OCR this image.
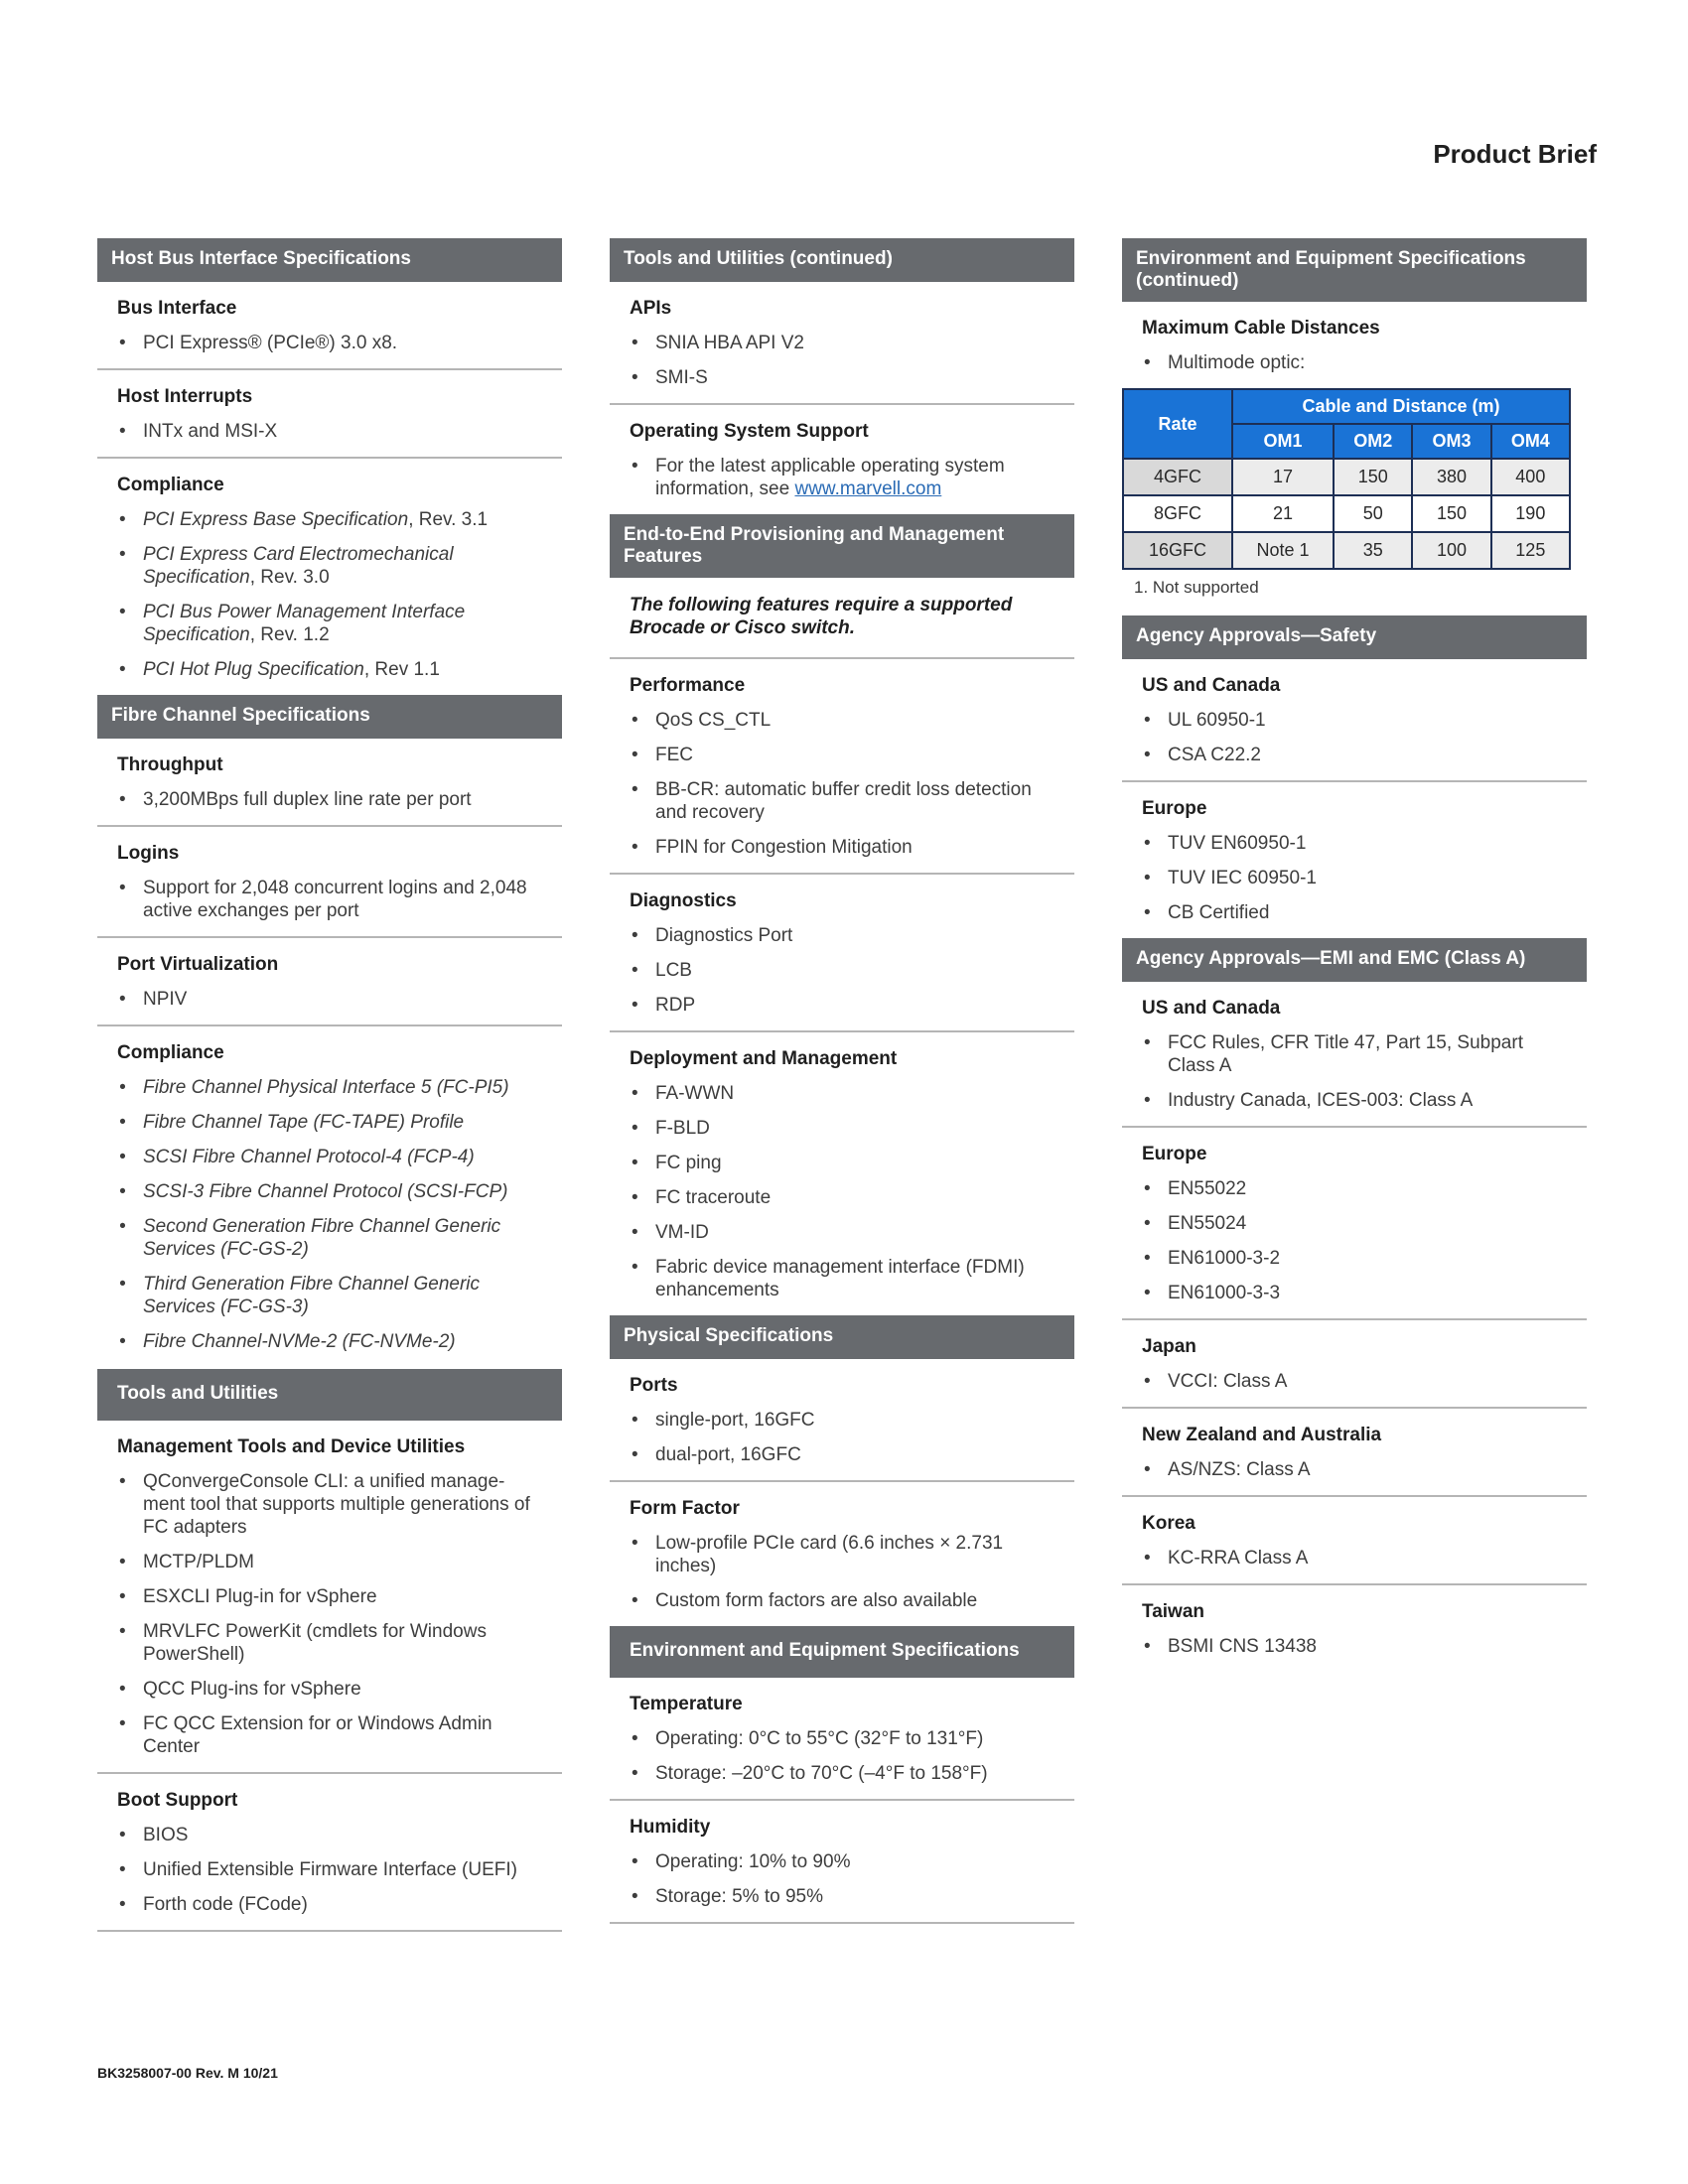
Product Brief
Host Bus Interface Specifications
Bus Interface
• PCI Express® (PCIe®) 3.0 x8.
Host Interrupts
• INTx and MSI-X
Compliance
• PCI Express Base Specification, Rev. 3.1
• PCI Express Card Electromechanical Specification, Rev. 3.0
• PCI Bus Power Management Interface Specification, Rev. 1.2
• PCI Hot Plug Specification, Rev 1.1
Fibre Channel Specifications
Throughput
• 3,200MBps full duplex line rate per port
Logins
• Support for 2,048 concurrent logins and 2,048 active exchanges per port
Port Virtualization
• NPIV
Compliance
• Fibre Channel Physical Interface 5 (FC-PI5)
• Fibre Channel Tape (FC-TAPE) Profile
• SCSI Fibre Channel Protocol-4 (FCP-4)
• SCSI-3 Fibre Channel Protocol (SCSI-FCP)
• Second Generation Fibre Channel Generic Services (FC-GS-2)
• Third Generation Fibre Channel Generic Services (FC-GS-3)
• Fibre Channel-NVMe-2 (FC-NVMe-2)
Tools and Utilities
Management Tools and Device Utilities
• QConvergeConsole CLI: a unified manage-ment tool that supports multiple generations of FC adapters
• MCTP/PLDM
• ESXCLI Plug-in for vSphere
• MRVLFC PowerKit (cmdlets for Windows PowerShell)
• QCC Plug-ins for vSphere
• FC QCC Extension for or Windows Admin Center
Boot Support
• BIOS
• Unified Extensible Firmware Interface (UEFI)
• Forth code (FCode)
Tools and Utilities (continued)
APIs
• SNIA HBA API V2
• SMI-S
Operating System Support
• For the latest applicable operating system information, see www.marvell.com
End-to-End Provisioning and Management Features
The following features require a supported Brocade or Cisco switch.
Performance
• QoS CS_CTL
• FEC
• BB-CR: automatic buffer credit loss detection and recovery
• FPIN for Congestion Mitigation
Diagnostics
• Diagnostics Port
• LCB
• RDP
Deployment and Management
• FA-WWN
• F-BLD
• FC ping
• FC traceroute
• VM-ID
• Fabric device management interface (FDMI) enhancements
Physical Specifications
Ports
• single-port, 16GFC
• dual-port, 16GFC
Form Factor
• Low-profile PCIe card (6.6 inches × 2.731 inches)
• Custom form factors are also available
Environment and Equipment Specifications
Temperature
• Operating: 0°C to 55°C (32°F to 131°F)
• Storage: –20°C to 70°C (–4°F to 158°F)
Humidity
• Operating: 10% to 90%
• Storage: 5% to 95%
Environment and Equipment Specifications (continued)
Maximum Cable Distances
• Multimode optic:
Rate	Cable and Distance (m)			
	OM1	OM2	OM3	OM4
4GFC	17	150	380	400
8GFC	21	50	150	190
16GFC	Note 1	35	100	125
1. Not supported
Agency Approvals—Safety
US and Canada
• UL 60950-1
• CSA C22.2
Europe
• TUV EN60950-1
• TUV IEC 60950-1
• CB Certified
Agency Approvals—EMI and EMC (Class A)
US and Canada
• FCC Rules, CFR Title 47, Part 15, Subpart Class A
• Industry Canada, ICES-003: Class A
Europe
• EN55022
• EN55024
• EN61000-3-2
• EN61000-3-3
Japan
• VCCI: Class A
New Zealand and Australia
• AS/NZS: Class A
Korea
• KC-RRA Class A
Taiwan
• BSMI CNS 13438
BK3258007-00 Rev. M 10/21
